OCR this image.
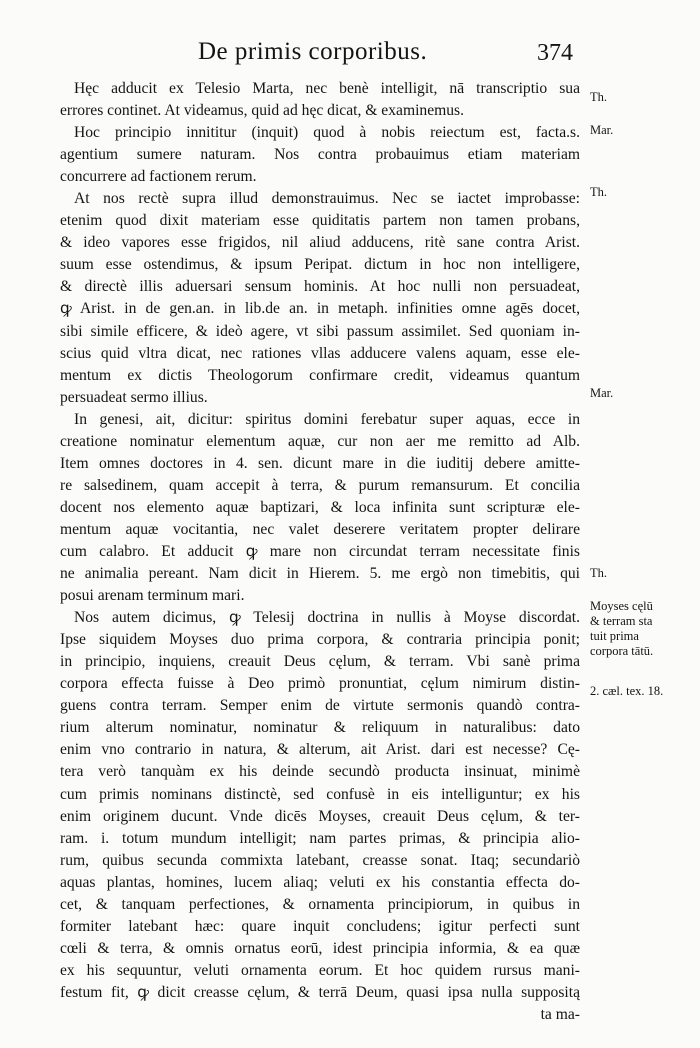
De primis corporibus.	374
Hęc adducit ex Telesio Marta, nec benè intelligit, nā transcriptio sua
errores continet. At videamus, quid ad hęc dicat, & examinemus.
Hoc principio innititur (inquit) quod à nobis reiectum est, facta.s.
agentium sumere naturam. Nos contra probauimus etiam materiam
concurrere ad factionem rerum.
At nos rectè supra illud demonstrauimus. Nec se iactet improbasse:
etenim quod dixit materiam esse quiditatis partem non tamen probans,
& ideo vapores esse frigidos, nil aliud adducens, ritè sane contra Arist.
suum esse ostendimus, & ipsum Peripat. dictum in hoc non intelligere,
& directè illis aduersari sensum hominis. At hoc nulli non persuadeat,
ꝙ Arist. in de gen.an. in lib.de an. in metaph. infinities omne agēs docet,
sibi simile efficere, & ideò agere, vt sibi passum assimilet. Sed quoniam in-
scius quid vltra dicat, nec rationes vllas adducere valens aquam, esse ele-
mentum ex dictis Theologorum confirmare credit, videamus quantum
persuadeat sermo illius.
In genesi, ait, dicitur: spiritus domini ferebatur super aquas, ecce in
creatione nominatur elementum aquæ, cur non aer me remitto ad Alb.
Item omnes doctores in 4. sen. dicunt mare in die iuditij debere amitte-
re salsedinem, quam accepit à terra, & purum remansurum. Et concilia
docent nos elemento aquæ baptizari, & loca infinita sunt scripturæ ele-
mentum aquæ vocitantia, nec valet deserere veritatem propter delirare
cum calabro. Et adducit ꝙ mare non circundat terram necessitate finis
ne animalia pereant. Nam dicit in Hierem. 5. me ergò non timebitis, qui
posui arenam terminum mari.
Nos autem dicimus, ꝙ Telesij doctrina in nullis à Moyse discordat.
Ipse siquidem Moyses duo prima corpora, & contraria principia ponit;
in principio, inquiens, creauit Deus cęlum, & terram. Vbi sanè prima
corpora effecta fuisse à Deo primò pronuntiat, cęlum nimirum distin-
guens contra terram. Semper enim de virtute sermonis quandò contra-
rium alterum nominatur, nominatur & reliquum in naturalibus: dato
enim vno contrario in natura, & alterum, ait Arist. dari est necesse? Cę-
tera verò tanquàm ex his deinde secundò producta insinuat, minimè
cum primis nominans distinctè, sed confusè in eis intelliguntur; ex his
enim originem ducunt. Vnde dicēs Moyses, creauit Deus cęlum, & ter-
ram. i. totum mundum intelligit; nam partes primas, & principia alio-
rum, quibus secunda commixta latebant, creasse sonat. Itaq; secundariò
aquas plantas, homines, lucem aliaq; veluti ex his constantia effecta do-
cet, & tanquam perfectiones, & ornamenta principiorum, in quibus in
formiter latebant hæc: quare inquit concludens; igitur perfecti sunt
cœli & terra, & omnis ornatus eorū, idest principia informia, & ea quæ
ex his sequuntur, veluti ornamenta eorum. Et hoc quidem rursus mani-
festum fit, ꝙ dicit creasse cęlum, & terrā Deum, quasi ipsa nulla suppositą
ta ma-
Th.
Mar.
Th.
Mar.
Th.
Moyses cęlū
& terram sta
tuit prima
corpora tātū.
2. cæl. tex. 18.
